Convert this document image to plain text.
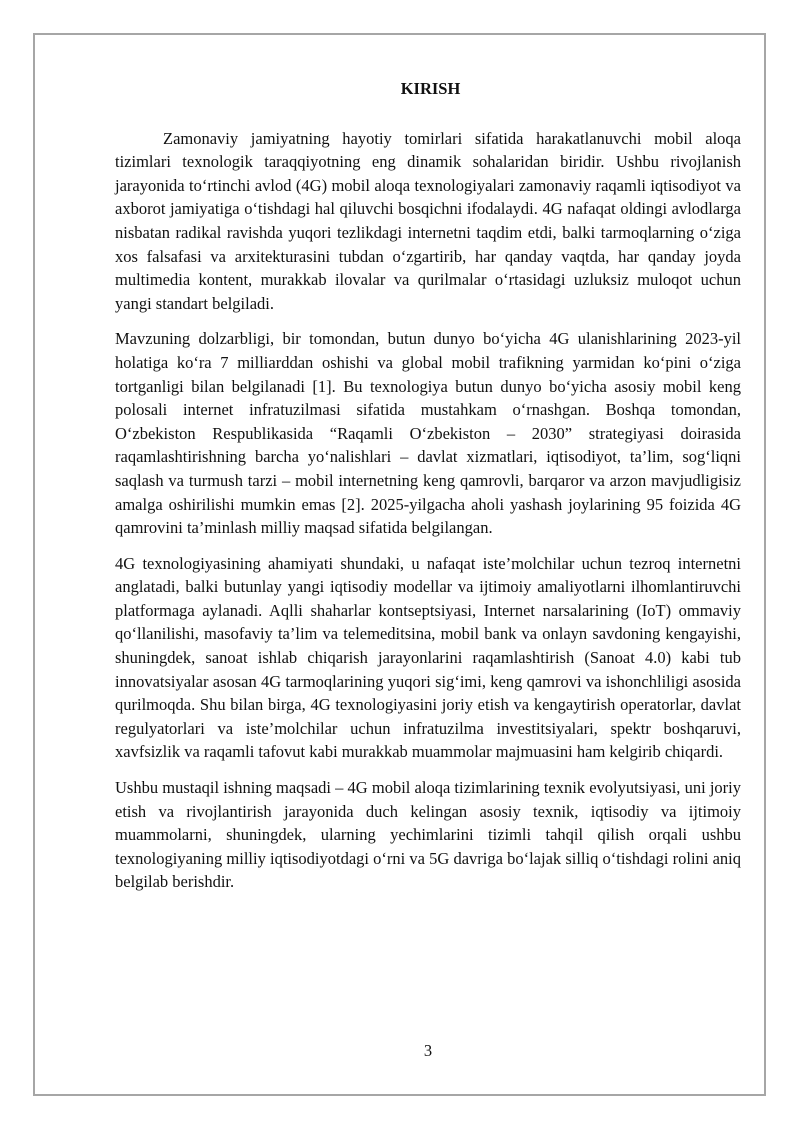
KIRISH

Zamonaviy jamiyatning hayotiy tomirlari sifatida harakatlanuvchi mobil aloqa tizimlari texnologik taraqqiyotning eng dinamik sohalaridan biridir. Ushbu rivojlanish jarayonida to‘rtinchi avlod (4G) mobil aloqa texnologiyalari zamonaviy raqamli iqtisodiyot va axborot jamiyatiga o‘tishdagi hal qiluvchi bosqichni ifodalaydi. 4G nafaqat oldingi avlodlarga nisbatan radikal ravishda yuqori tezlikdagi internetni taqdim etdi, balki tarmoqlarning o‘ziga xos falsafasi va arxitekturasini tubdan o‘zgartirib, har qanday vaqtda, har qanday joyda multimedia kontent, murakkab ilovalar va qurilmalar o‘rtasidagi uzluksiz muloqot uchun yangi standart belgiladi.

Mavzuning dolzarbligi, bir tomondan, butun dunyo bo‘yicha 4G ulanishlarining 2023-yil holatiga ko‘ra 7 milliarddan oshishi va global mobil trafikning yarmidan ko‘pini o‘ziga tortganligi bilan belgilanadi [1]. Bu texnologiya butun dunyo bo‘yicha asosiy mobil keng polosali internet infratuzilmasi sifatida mustahkam o‘rnashgan. Boshqa tomondan, O‘zbekiston Respublikasida “Raqamli O‘zbekiston – 2030” strategiyasi doirasida raqamlashtirishning barcha yo‘nalishlari – davlat xizmatlari, iqtisodiyot, ta’lim, sog‘liqni saqlash va turmush tarzi – mobil internetning keng qamrovli, barqaror va arzon mavjudligisiz amalga oshirilishi mumkin emas [2]. 2025-yilgacha aholi yashash joylarining 95 foizida 4G qamrovini ta’minlash milliy maqsad sifatida belgilangan.

4G texnologiyasining ahamiyati shundaki, u nafaqat iste’molchilar uchun tezroq internetni anglatadi, balki butunlay yangi iqtisodiy modellar va ijtimoiy amaliyotlarni ilhomlantiruvchi platformaga aylanadi. Aqlli shaharlar kontseptsiyasi, Internet narsalarining (IoT) ommaviy qo‘llanilishi, masofaviy ta’lim va telemeditsina, mobil bank va onlayn savdoning kengayishi, shuningdek, sanoat ishlab chiqarish jarayonlarini raqamlashtirish (Sanoat 4.0) kabi tub innovatsiyalar asosan 4G tarmoqlarining yuqori sig‘imi, keng qamrovi va ishonchliligi asosida qurilmoqda. Shu bilan birga, 4G texnologiyasini joriy etish va kengaytirish operatorlar, davlat regulyatorlari va iste’molchilar uchun infratuzilma investitsiyalari, spektr boshqaruvi, xavfsizlik va raqamli tafovut kabi murakkab muammolar majmuasini ham kelgirib chiqardi.

Ushbu mustaqil ishning maqsadi – 4G mobil aloqa tizimlarining texnik evolyutsiyasi, uni joriy etish va rivojlantirish jarayonida duch kelingan asosiy texnik, iqtisodiy va ijtimoiy muammolarni, shuningdek, ularning yechimlarini tizimli tahqil qilish orqali ushbu texnologiyaning milliy iqtisodiyotdagi o‘rni va 5G davriga bo‘lajak silliq o‘tishdagi rolini aniq belgilab berishdir.

3
